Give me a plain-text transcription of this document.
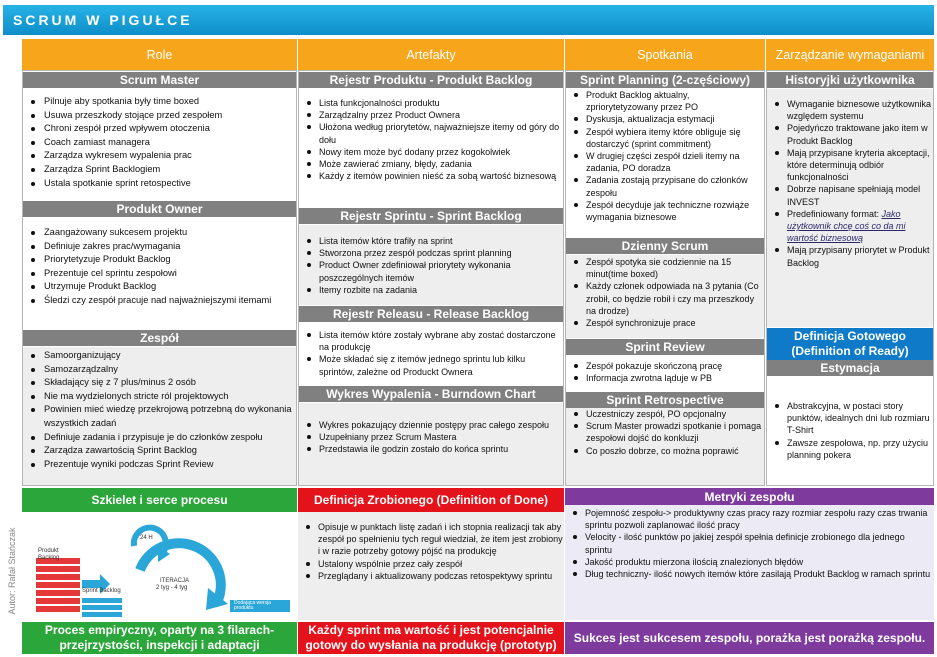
SCRUM W PIGUŁCE
Autor: Rafał Stańczak
Role	Artefakty	Spotkania	Zarządzanie wymaganiami
Scrum Master
Pilnuje aby spotkania były time boxed
Usuwa przeszkody stojące przed zespołem
Chroni zespół przed wpływem otoczenia
Coach zamiast managera
Zarządza wykresem wypalenia prac
Zarządza Sprint Backlogiem
Ustala spotkanie sprint retospective
Produkt Owner
Zaangażowany sukcesem projektu
Definiuje zakres prac/wymagania
Priorytetyzuje Produkt Backlog
Prezentuje cel sprintu zespołowi
Utrzymuje Produkt Backlog
Śledzi czy zespół pracuje nad najważniejszymi itemami
Zespół
Samoorganizujący
Samozarządzalny
Składający się z 7 plus/minus 2 osób
Nie ma wydzielonych stricte ról projektowych
Powinien mieć wiedzę przekrojową potrzebną do wykonania wszystkich zadań
Definiuje zadania i przypisuje je do członków zespołu
Zarządza zawartością Sprint Backlog
Prezentuje wyniki podczas Sprint Review
Rejestr Produktu - Produkt Backlog
Lista funkcjonalności produktu
Zarządzalny przez Product Ownera
Ułożona według priorytetów, najważniejsze itemy od góry do dołu
Nowy item może być dodany przez kogokolwiek
Może zawierać zmiany, błędy, zadania
Każdy z itemów powinien nieść za sobą wartość biznesową
Rejestr Sprintu - Sprint Backlog
Lista itemów które trafiły na sprint
Stworzona przez zespół podczas sprint planning
Product Owner zdefiniował priorytety wykonania poszczególnych itemów
Itemy rozbite na zadania
Rejestr Releasu - Release Backlog
Lista itemów które zostały wybrane aby zostać dostarczone na produkcję
Może składać się z itemów jednego sprintu lub kilku sprintów, zależne od Produckt Ownera
Wykres Wypalenia - Burndown Chart
Wykres pokazujący dziennie postępy prac całego zespołu
Uzupełniany przez Scrum Mastera
Przedstawia ile godzin zostało do końca sprintu
Sprint Planning (2-częściowy)
Produkt Backlog aktualny, zpriorytetyzowany przez PO
Dyskusja, aktualizacja estymacji
Zespół wybiera itemy które obliguje się dostarczyć (sprint commitment)
W drugiej części zespół dzieli itemy na zadania, PO doradza
Zadania zostają przypisane do członków zespołu
Zespół decyduje jak techniczne rozwiąże wymagania biznesowe
Dzienny Scrum
Zespół spotyka sie codziennie na 15 minut(time boxed)
Każdy członek odpowiada na 3 pytania (Co zrobił, co będzie robił i czy ma przeszkody na drodze)
Zespół synchronizuje prace
Sprint Review
Zespół pokazuje skończoną pracę
Informacja zwrotna ląduje w PB
Sprint Retrospective
Uczestniczy zespół, PO opcjonalny
Scrum Master prowadzi spotkanie i pomaga zespołowi dojść do konkluzji
Co poszło dobrze, co można poprawić
Historyjki użytkownika
Wymaganie biznesowe użytkownika względem systemu
Pojedyńczo traktowane jako item w Produkt Backlog
Mają przypisane kryteria akceptacji, które determinują odbiór funkcjonalności
Dobrze napisane spełniają model INVEST
Predefiniowany format: Jako użytkownik chcę coś co da mi wartość biznesową
Mają przypisany priorytet w Produkt Backlog
Definicja Gotowego
(Definition of Ready)
Estymacja
Abstrakcyjna, w postaci story punktów, idealnych dni lub rozmiaru T-Shirt
Zawsze zespołowa, np. przy użyciu planning pokera
Szkielet i serce procesu
Produkt Backlog
Sprint Backlog
24 H
ITERACJA
2 tyg - 4 tyg
Dodająca wersja produktu
Proces empiryczny, oparty na 3 filarach- przejrzystości, inspekcji i adaptacji
Definicja Zrobionego (Definition of Done)
Opisuje w punktach listę zadań i ich stopnia realizacji tak aby zespół po spełnieniu tych reguł wiedział, że item jest zrobiony i w razie potrzeby gotowy pójść na produkcję
Ustalony wspólnie przez cały zespół
Przeglądany i aktualizowany podczas retospektywy sprintu
Każdy sprint ma wartość i jest potencjalnie gotowy do wysłania na produkcję (prototyp)
Metryki zespołu
Pojemność zespołu-> produktywny czas pracy razy rozmiar zespołu razy czas trwania sprintu pozwoli zaplanować ilość pracy
Velocity - ilość punktów po jakiej zespół spełnia definicje zrobionego dla jednego sprintu
Jakość produktu mierzona ilością znalezionych błędów
Dług techniczny- ilość nowych itemów które zasilają Produkt Backlog w ramach sprintu
Sukces jest sukcesem zespołu, porażka jest porażką zespołu.
